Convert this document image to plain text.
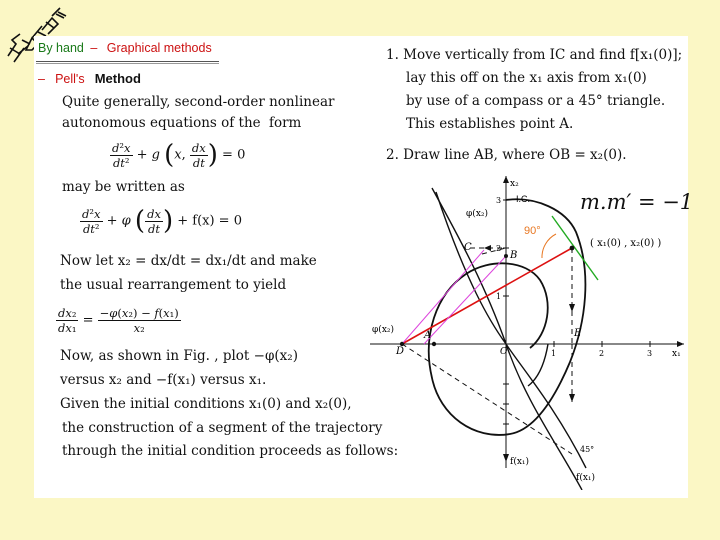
By hand – Graphical methods
– Pell's Method
Quite generally, second-order nonlinear
autonomous equations of the form
$\frac{\text{d²x}}{\text{dt²}} + g$ (x, $\frac{dx}{dt}$ ) = 0
may be written as
$\frac{\text{d²x}}{\text{dt²}} + \varphi$ ( $\frac{dx}{dt}$ ) + f(x) = 0
Now let x₂ = dx/dt = dx₁/dt and make
the usual rearrangement to yield
$\frac{\text{dx₂}}{\text{dx₁}} = \frac{\text{−φ(x₂) − f(x₁)}}{\text{x₂}}$
Now, as shown in Fig. , plot −φ(x₂)
versus x₂ and −f(x₁) versus x₁.
Given the initial conditions x₁(0) and x₂(0),
the construction of a segment of the trajectory
through the initial condition proceeds as follows:
1. Move vertically from IC and find f[x₁(0)];
lay this off on the x₁ axis from x₁(0)
by use of a compass or a 45° triangle.
This establishes point A.
2. Draw line AB, where OB = x₂(0).
x₂
I.C.
φ(x₂)
90°
( x₁(0) , x₂(0) )
C
B
A
D
E
O
φ(x₂)
x₁
f(x₁)
f(x₁)
45°
3
2
1
1	2	3
m.m′ = −1
